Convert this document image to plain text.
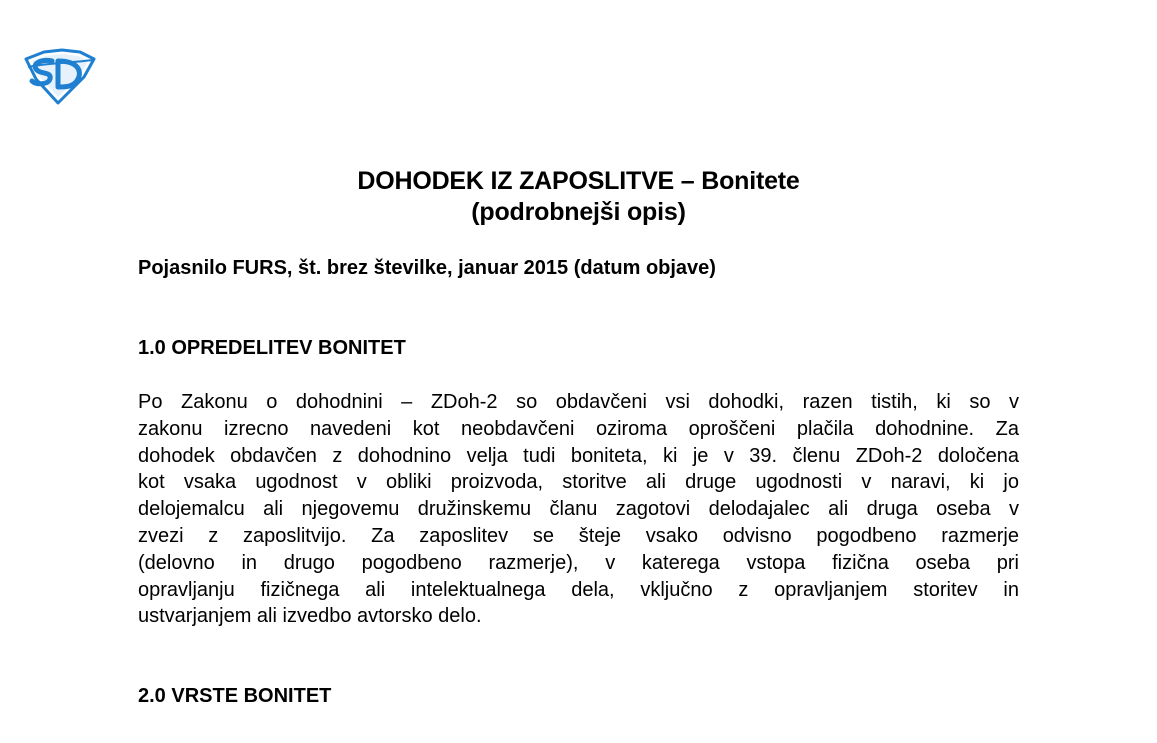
DOHODEK IZ ZAPOSLITVE – Bonitete
(podrobnejši opis)
Pojasnilo FURS, št. brez številke, januar 2015 (datum objave)
1.0 OPREDELITEV BONITET
Po Zakonu o dohodnini – ZDoh-2 so obdavčeni vsi dohodki, razen tistih, ki so v
zakonu izrecno navedeni kot neobdavčeni oziroma oproščeni plačila dohodnine. Za
dohodek obdavčen z dohodnino velja tudi boniteta, ki je v 39. členu ZDoh-2 določena
kot vsaka ugodnost v obliki proizvoda, storitve ali druge ugodnosti v naravi, ki jo
delojemalcu ali njegovemu družinskemu članu zagotovi delodajalec ali druga oseba v
zvezi z zaposlitvijo. Za zaposlitev se šteje vsako odvisno pogodbeno razmerje
(delovno in drugo pogodbeno razmerje), v katerega vstopa fizična oseba pri
opravljanju fizičnega ali intelektualnega dela, vključno z opravljanjem storitev in
ustvarjanjem ali izvedbo avtorsko delo.
2.0 VRSTE BONITET
